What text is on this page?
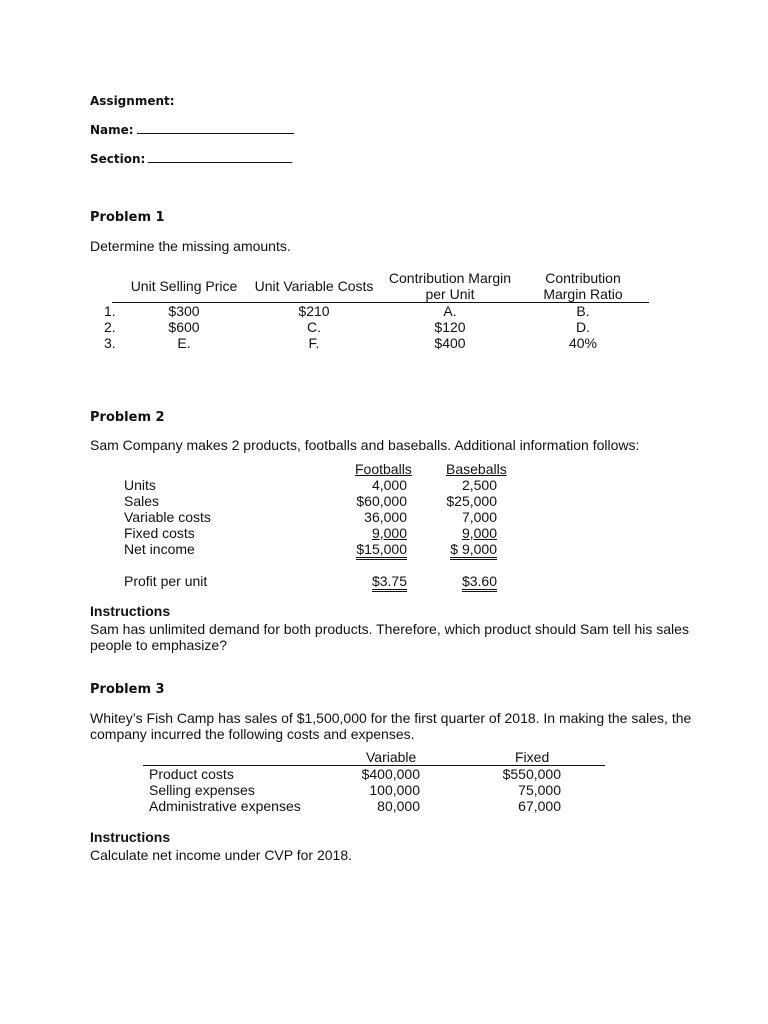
Assignment:
Name:
Section:
Problem 1
Determine the missing amounts.
Unit Selling Price	Unit Variable Costs	Contribution Margin
per Unit
Contribution
Margin Ratio
1.	$300	$210	A.	B.
2.	$600	C.	$120	D.
3.	E.	F.	$400	40%
Problem 2
Sam Company makes 2 products, footballs and baseballs. Additional information follows:
Footballs Baseballs
Units	4,000	2,500
Sales	$60,000	$25,000
Variable costs	36,000	7,000
Fixed costs	9,000	9,000
Net income	$15,000	$ 9,000
Profit per unit	$3.75	$3.60
Instructions
Sam has unlimited demand for both products. Therefore, which product should Sam tell his sales
people to emphasize?
Problem 3
Whitey’s Fish Camp has sales of $1,500,000 for the first quarter of 2018. In making the sales, the
company incurred the following costs and expenses.
Variable	Fixed
Product costs	$400,000	$550,000
Selling expenses	100,000	75,000
Administrative expenses	80,000	67,000
Instructions
Calculate net income under CVP for 2018.
